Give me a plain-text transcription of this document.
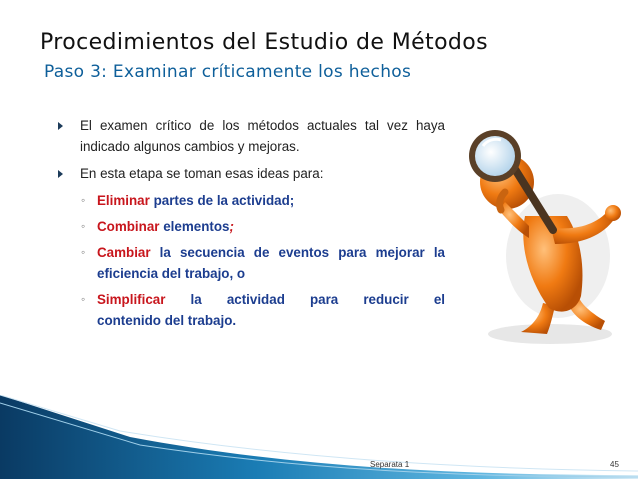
Procedimientos del Estudio de Métodos
Paso 3: Examinar críticamente los hechos
El examen crítico de los métodos actuales tal vez haya indicado algunos cambios y mejoras.
En esta etapa se toman esas ideas para:
◦ Eliminar partes de la actividad;
◦ Combinar elementos;
◦ Cambiar la secuencia de eventos para mejorar la eficiencia del trabajo, o
◦ Simplificar la actividad para reducir el
contenido del trabajo.
Separata 1	45
